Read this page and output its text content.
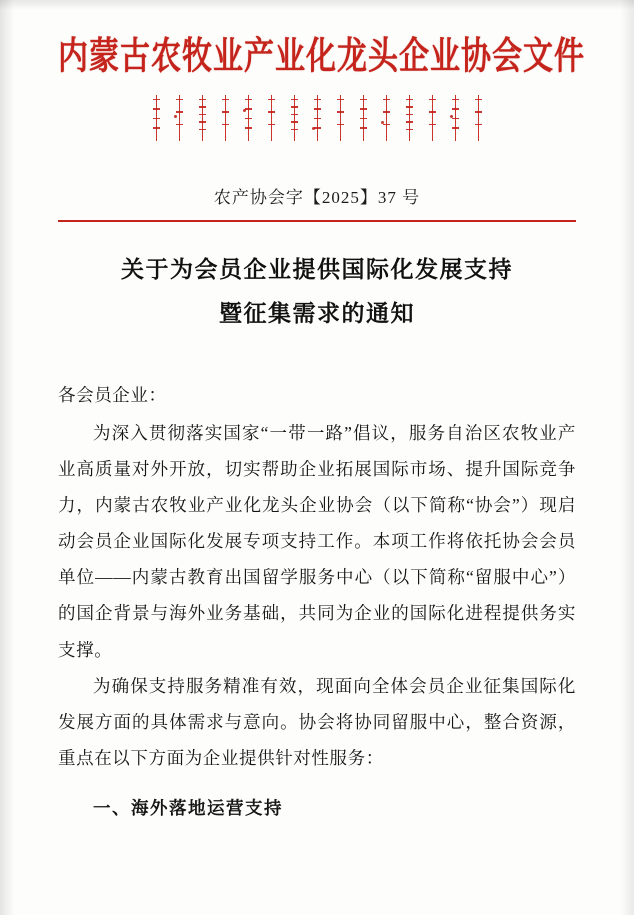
内蒙古农牧业产业化龙头企业协会文件
农产协会字【2025】37 号
关于为会员企业提供国际化发展支持
暨征集需求的通知
各会员企业：

为深入贯彻落实国家“一带一路”倡议，服务自治区农牧业产业高质量对外开放，切实帮助企业拓展国际市场、提升国际竞争力，内蒙古农牧业产业化龙头企业协会（以下简称“协会”）现启动会员企业国际化发展专项支持工作。本项工作将依托协会会员单位——内蒙古教育出国留学服务中心（以下简称“留服中心”）的国企背景与海外业务基础，共同为企业的国际化进程提供务实支撑。

为确保支持服务精准有效，现面向全体会员企业征集国际化发展方面的具体需求与意向。协会将协同留服中心，整合资源，重点在以下方面为企业提供针对性服务：

一、海外落地运营支持
